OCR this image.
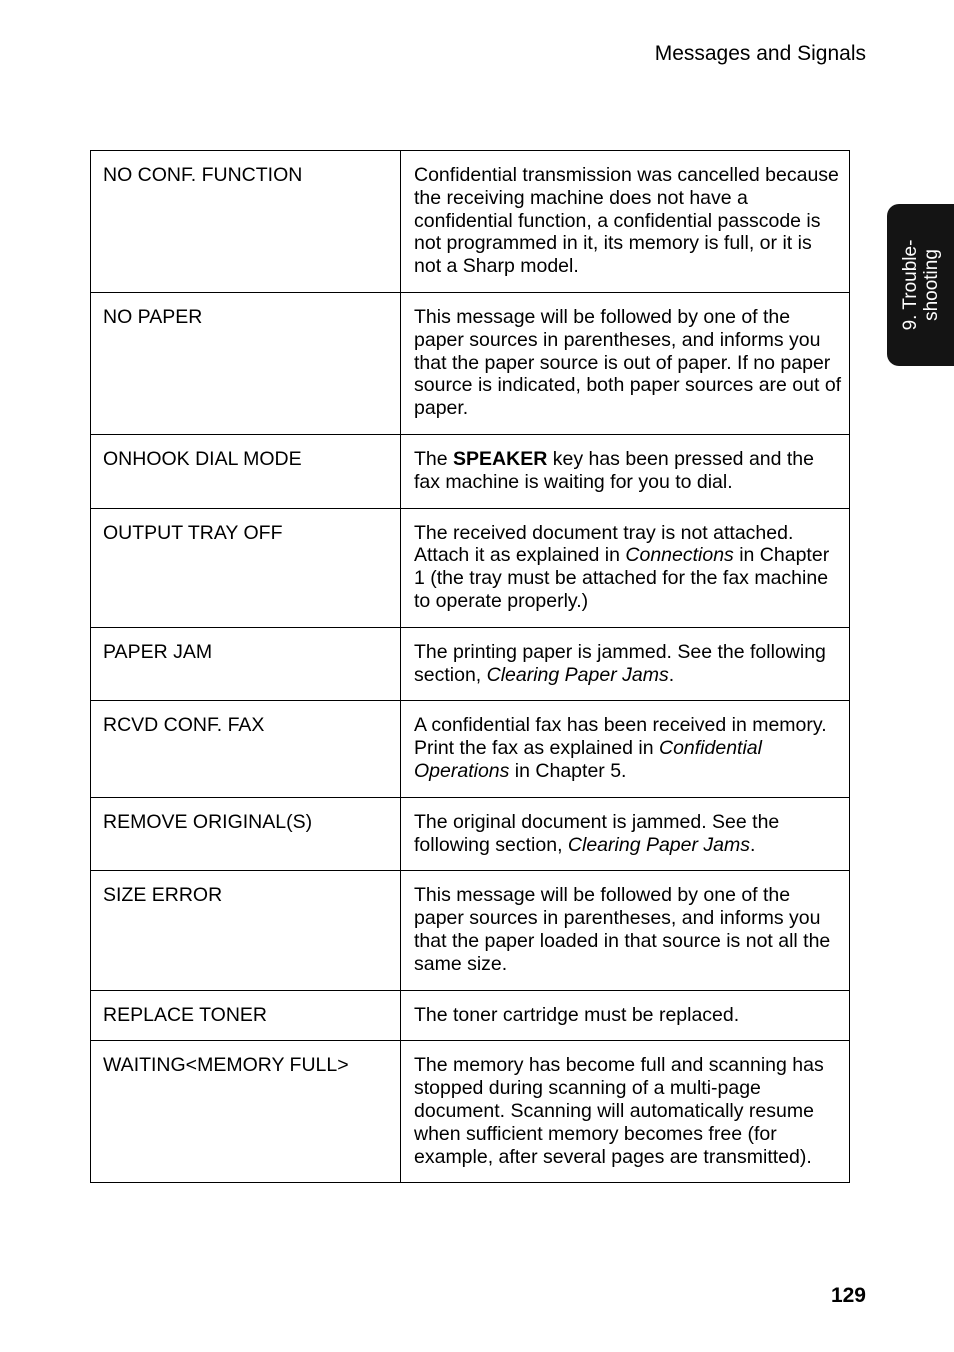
Messages and Signals
9. Trouble- shooting
NO CONF. FUNCTION	Confidential transmission was cancelled because the receiving machine does not have a confidential function, a confidential passcode is not programmed in it, its memory is full, or it is not a Sharp model.
NO PAPER	This message will be followed by one of the paper sources in parentheses, and informs you that the paper source is out of paper. If no paper source is indicated, both paper sources are out of paper.
ONHOOK DIAL MODE	The SPEAKER key has been pressed and the fax machine is waiting for you to dial.
OUTPUT TRAY OFF	The received document tray is not attached. Attach it as explained in Connections in Chapter 1 (the tray must be attached for the fax machine to operate properly.)
PAPER JAM	The printing paper is jammed. See the following section, Clearing Paper Jams.
RCVD CONF. FAX	A confidential fax has been received in memory. Print the fax as explained in Confidential Operations in Chapter 5.
REMOVE ORIGINAL(S)	The original document is jammed. See the following section, Clearing Paper Jams.
SIZE ERROR	This message will be followed by one of the paper sources in parentheses, and informs you that the paper loaded in that source is not all the same size.
REPLACE TONER	The toner cartridge must be replaced.
WAITING<MEMORY FULL>	The memory has become full and scanning has stopped during scanning of a multi-page document. Scanning will automatically resume when sufficient memory becomes free (for example, after several pages are transmitted).
129
